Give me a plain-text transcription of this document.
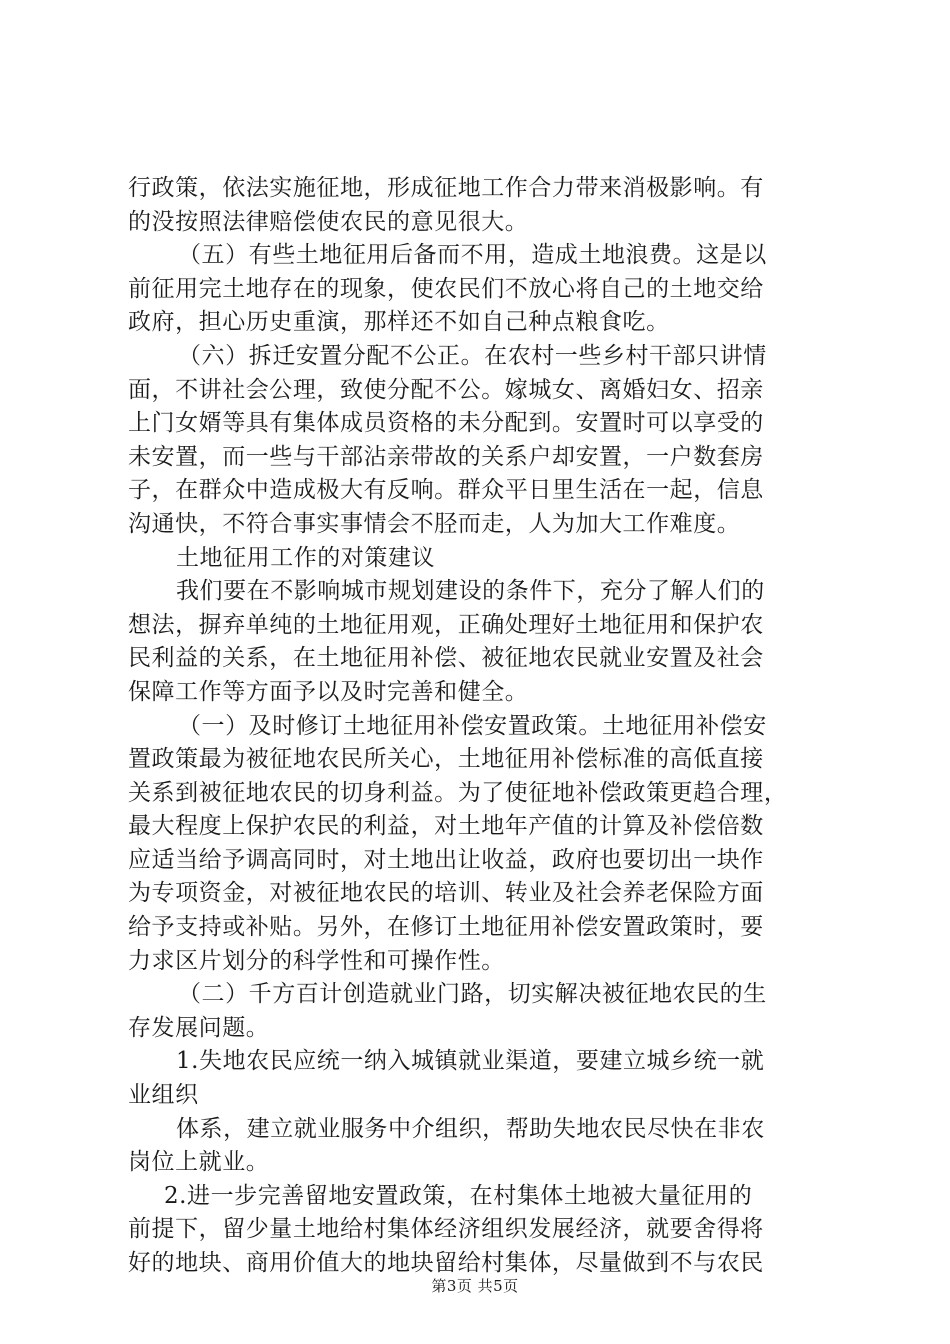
行政策，依法实施征地，形成征地工作合力带来消极影响。有
的没按照法律赔偿使农民的意见很大。
（五）有些土地征用后备而不用，造成土地浪费。这是以
前征用完土地存在的现象，使农民们不放心将自己的土地交给
政府，担心历史重演，那样还不如自己种点粮食吃。
（六）拆迁安置分配不公正。在农村一些乡村干部只讲情
面，不讲社会公理，致使分配不公。嫁城女、离婚妇女、招亲
上门女婿等具有集体成员资格的未分配到。安置时可以享受的
未安置，而一些与干部沾亲带故的关系户却安置，一户数套房
子，在群众中造成极大有反响。群众平日里生活在一起，信息
沟通快，不符合事实事情会不胫而走，人为加大工作难度。
土地征用工作的对策建议
我们要在不影响城市规划建设的条件下，充分了解人们的
想法，摒弃单纯的土地征用观，正确处理好土地征用和保护农
民利益的关系，在土地征用补偿、被征地农民就业安置及社会
保障工作等方面予以及时完善和健全。
（一）及时修订土地征用补偿安置政策。土地征用补偿安
置政策最为被征地农民所关心，土地征用补偿标准的高低直接
关系到被征地农民的切身利益。为了使征地补偿政策更趋合理，
最大程度上保护农民的利益，对土地年产值的计算及补偿倍数
应适当给予调高同时，对土地出让收益，政府也要切出一块作
为专项资金，对被征地农民的培训、转业及社会养老保险方面
给予支持或补贴。另外，在修订土地征用补偿安置政策时，要
力求区片划分的科学性和可操作性。
（二）千方百计创造就业门路，切实解决被征地农民的生
存发展问题。
1.失地农民应统一纳入城镇就业渠道，要建立城乡统一就
业组织
体系，建立就业服务中介组织，帮助失地农民尽快在非农
岗位上就业。
2.进一步完善留地安置政策，在村集体土地被大量征用的
前提下，留少量土地给村集体经济组织发展经济，就要舍得将
好的地块、商用价值大的地块留给村集体，尽量做到不与农民
第3页 共5页
